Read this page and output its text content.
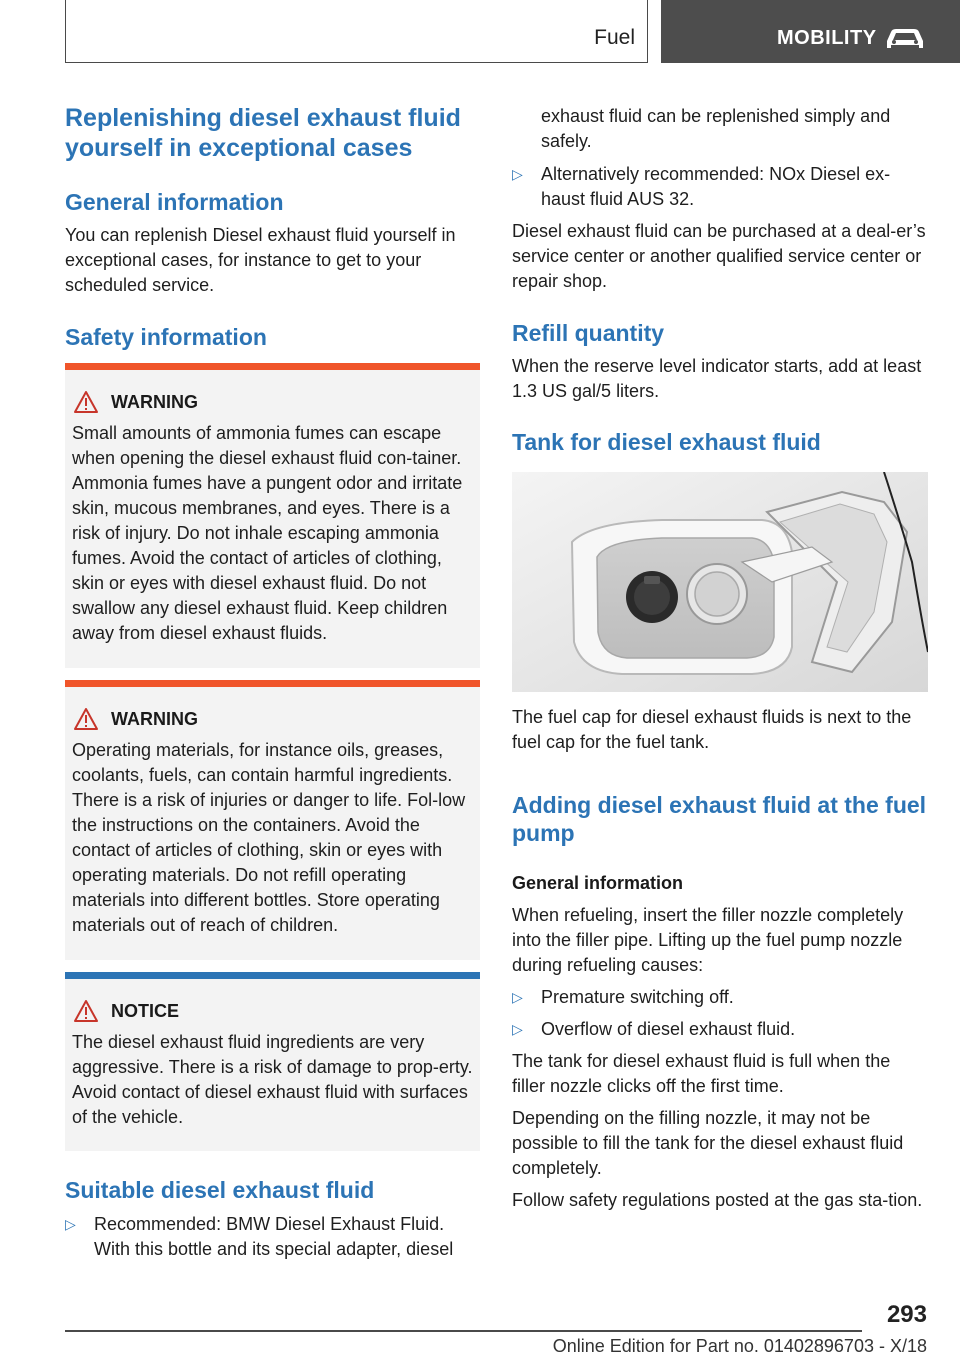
Fuel	MOBILITY
Replenishing diesel exhaust fluid yourself in exceptional cases
General information

You can replenish Diesel exhaust fluid yourself in exceptional cases, for instance to get to your scheduled service.

Safety information
WARNING
Small amounts of ammonia fumes can escape when opening the diesel exhaust fluid con‐tainer. Ammonia fumes have a pungent odor and irritate skin, mucous membranes, and eyes. There is a risk of injury. Do not inhale escaping ammonia fumes. Avoid the contact of articles of clothing, skin or eyes with diesel exhaust fluid. Do not swallow any diesel exhaust fluid. Keep children away from diesel exhaust fluids.
WARNING
Operating materials, for instance oils, greases, coolants, fuels, can contain harmful ingredients. There is a risk of injuries or danger to life. Fol‐low the instructions on the containers. Avoid the contact of articles of clothing, skin or eyes with operating materials. Do not refill operating materials into different bottles. Store operating materials out of reach of children.
NOTICE
The diesel exhaust fluid ingredients are very aggressive. There is a risk of damage to prop‐erty. Avoid contact of diesel exhaust fluid with surfaces of the vehicle.
Suitable diesel exhaust fluid
▷ Recommended: BMW Diesel Exhaust Fluid. With this bottle and its special adapter, diesel

exhaust fluid can be replenished simply and safely.

▷ Alternatively recommended: NOx Diesel ex‐haust fluid AUS 32.

Diesel exhaust fluid can be purchased at a deal‐er’s service center or another qualified service center or repair shop.

Refill quantity

When the reserve level indicator starts, add at least 1.3 US gal/5 liters.

Tank for diesel exhaust fluid

The fuel cap for diesel exhaust fluids is next to the fuel cap for the fuel tank.

Adding diesel exhaust fluid at the fuel pump
General information

When refueling, insert the filler nozzle completely into the filler pipe. Lifting up the fuel pump nozzle during refueling causes:

▷ Premature switching off.
▷ Overflow of diesel exhaust fluid.

The tank for diesel exhaust fluid is full when the filler nozzle clicks off the first time.

Depending on the filling nozzle, it may not be possible to fill the tank for the diesel exhaust fluid completely.

Follow safety regulations posted at the gas sta‐tion.

293
Online Edition for Part no. 01402896703 - X/18
